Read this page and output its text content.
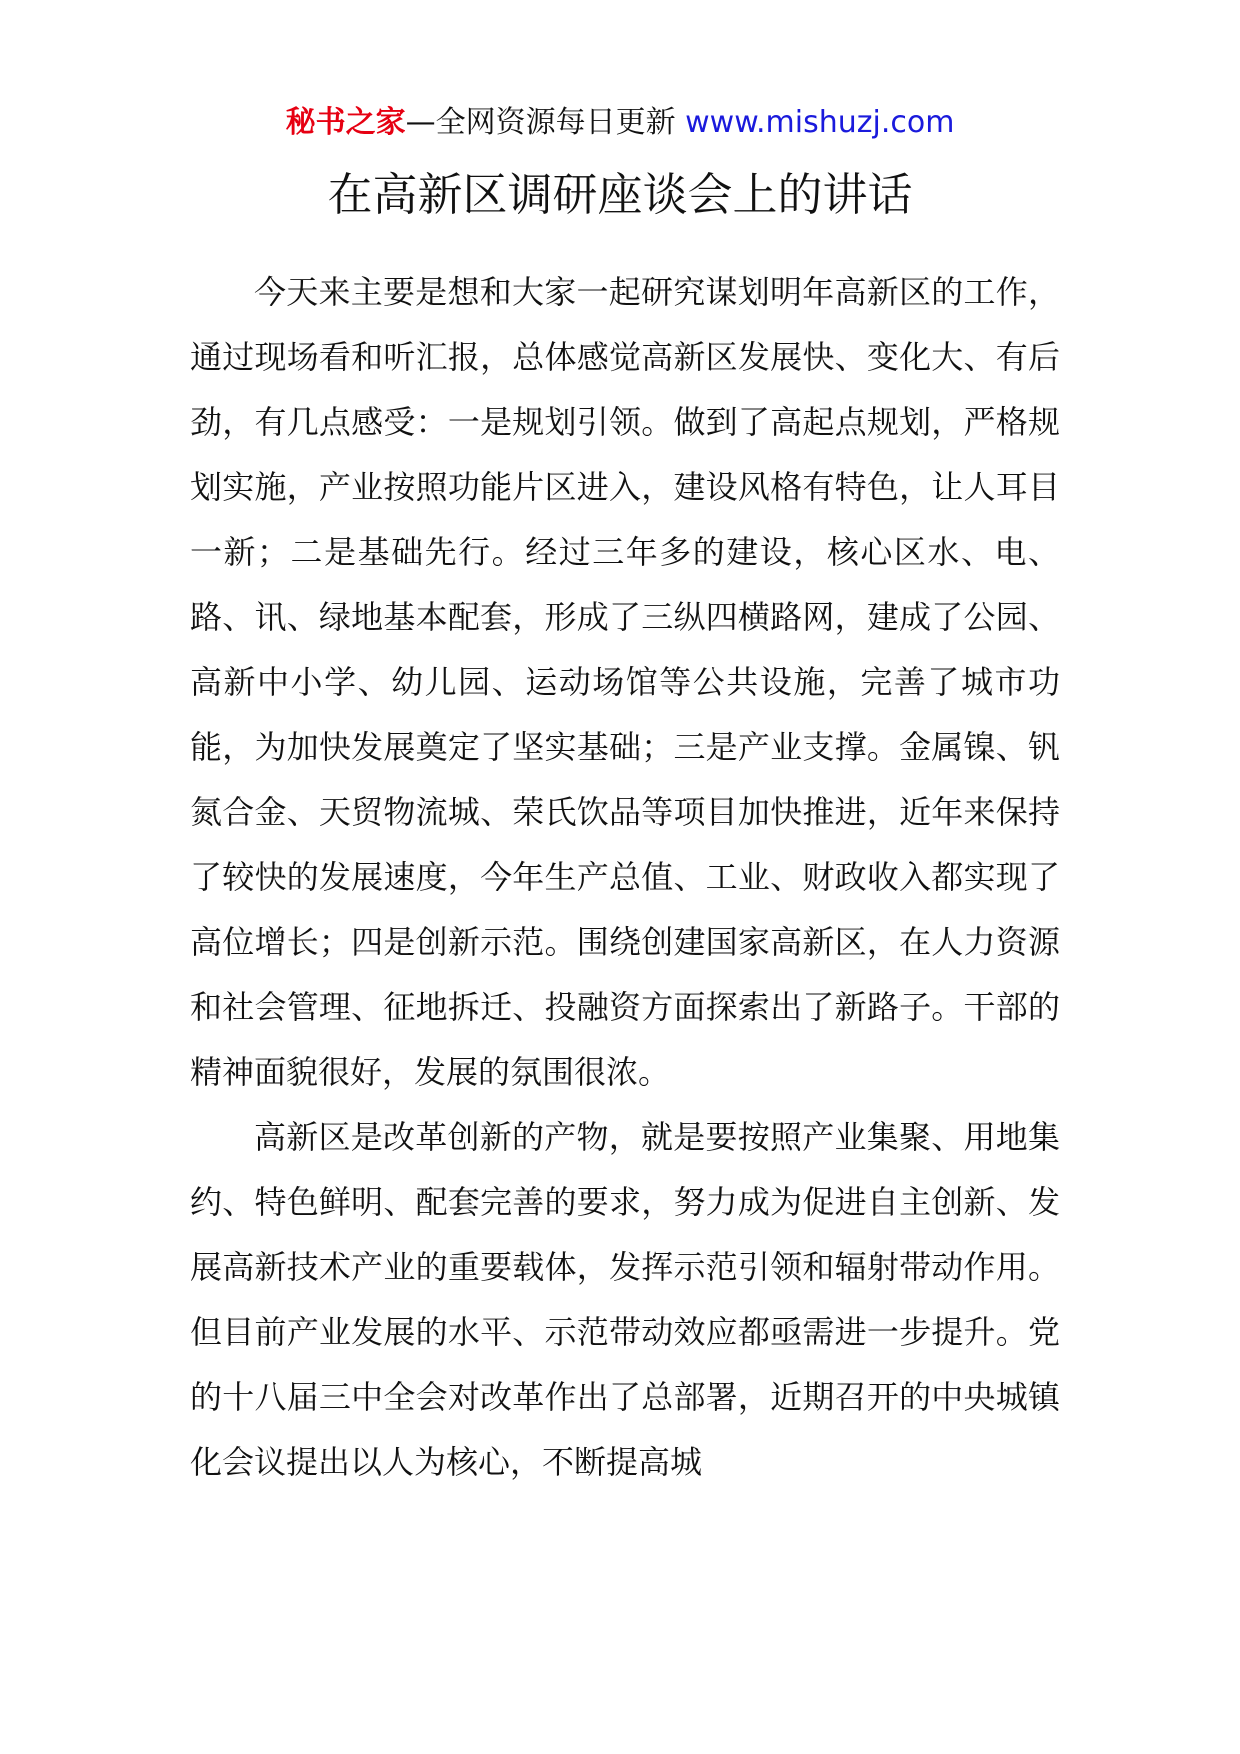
秘书之家—全网资源每日更新 www.mishuzj.com
在高新区调研座谈会上的讲话

今天来主要是想和大家一起研究谋划明年高新区的工作，通过现场看和听汇报，总体感觉高新区发展快、变化大、有后劲，有几点感受：一是规划引领。做到了高起点规划，严格规划实施，产业按照功能片区进入，建设风格有特色，让人耳目一新；二是基础先行。经过三年多的建设，核心区水、电、路、讯、绿地基本配套，形成了三纵四横路网，建成了公园、高新中小学、幼儿园、运动场馆等公共设施，完善了城市功能，为加快发展奠定了坚实基础；三是产业支撑。金属镍、钒氮合金、天贸物流城、荣氏饮品等项目加快推进，近年来保持了较快的发展速度，今年生产总值、工业、财政收入都实现了高位增长；四是创新示范。围绕创建国家高新区，在人力资源和社会管理、征地拆迁、投融资方面探索出了新路子。干部的精神面貌很好，发展的氛围很浓。

高新区是改革创新的产物，就是要按照产业集聚、用地集约、特色鲜明、配套完善的要求，努力成为促进自主创新、发展高新技术产业的重要载体，发挥示范引领和辐射带动作用。但目前产业发展的水平、示范带动效应都亟需进一步提升。党的十八届三中全会对改革作出了总部署，近期召开的中央城镇化会议提出以人为核心，不断提高城
